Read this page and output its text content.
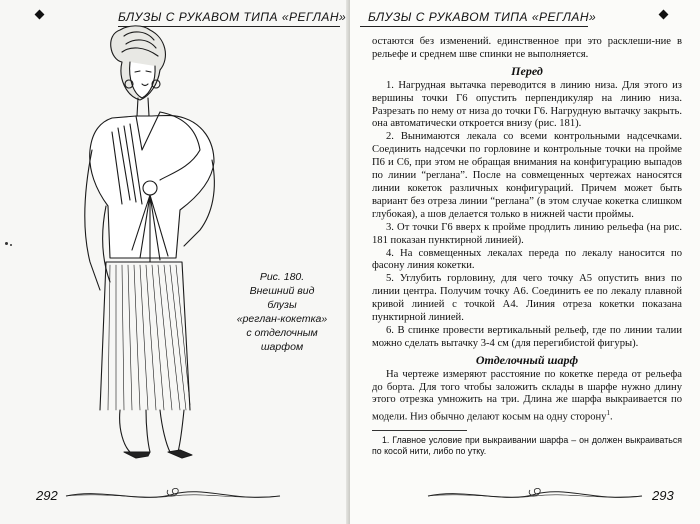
БЛУЗЫ С РУКАВОМ ТИПА «РЕГЛАН»
Рис. 180.
Внешний вид
блузы
«реглан-кокетка»
с отделочным
шарфом
292
БЛУЗЫ С РУКАВОМ ТИПА «РЕГЛАН»

остаются без изменений. единственное при это расклеши-ние в рельефе и среднем шве спинки не выполняется.

Перед

1. Нагрудная вытачка переводится в линию низа. Для этого из вершины точки Г6 опустить перпендикуляр на линию низа. Разрезать по нему от низа до точки Г6. Нагрудную вытачку закрыть. она автоматически откроется внизу (рис. 181).

2. Вынимаются лекала со всеми контрольными надсечками. Соединить надсечки по горловине и контрольные точки на пройме П6 и С6, при этом не обращая внимания на конфигурацию выпадов по линии “реглана”. После на совмещенных чертежах наносятся линии кокеток различных конфигураций. Причем может быть вариант без отреза линии “реглана” (в этом случае кокетка слишком глубокая), а шов делается только в нижней части проймы.

3. От точки Г6 вверх к пройме продлить линию рельефа (на рис. 181 показан пунктирной линией).

4. На совмещенных лекалах переда по лекалу наносится по фасону линия кокетки.

5. Углубить горловину, для чего точку А5 опустить вниз по линии центра. Получим точку А6. Соединить ее по лекалу плавной кривой линией с точкой А4. Линия отреза кокетки показана пунктирной линией.

6. В спинке провести вертикальный рельеф, где по линии талии можно сделать вытачку 3-4 см (для перегибистой фигуры).

Отделочный шарф

На чертеже измеряют расстояние по кокетке переда от рельефа до борта. Для того чтобы заложить склады в шарфе нужно длину этого отрезка умножить на три. Длина же шарфа выкраивается по модели. Низ обычно делают косым на одну сторону$^1$.

1. Главное условие при выкраивании шарфа – он должен выкраиваться по косой нити, либо по утку.
293
